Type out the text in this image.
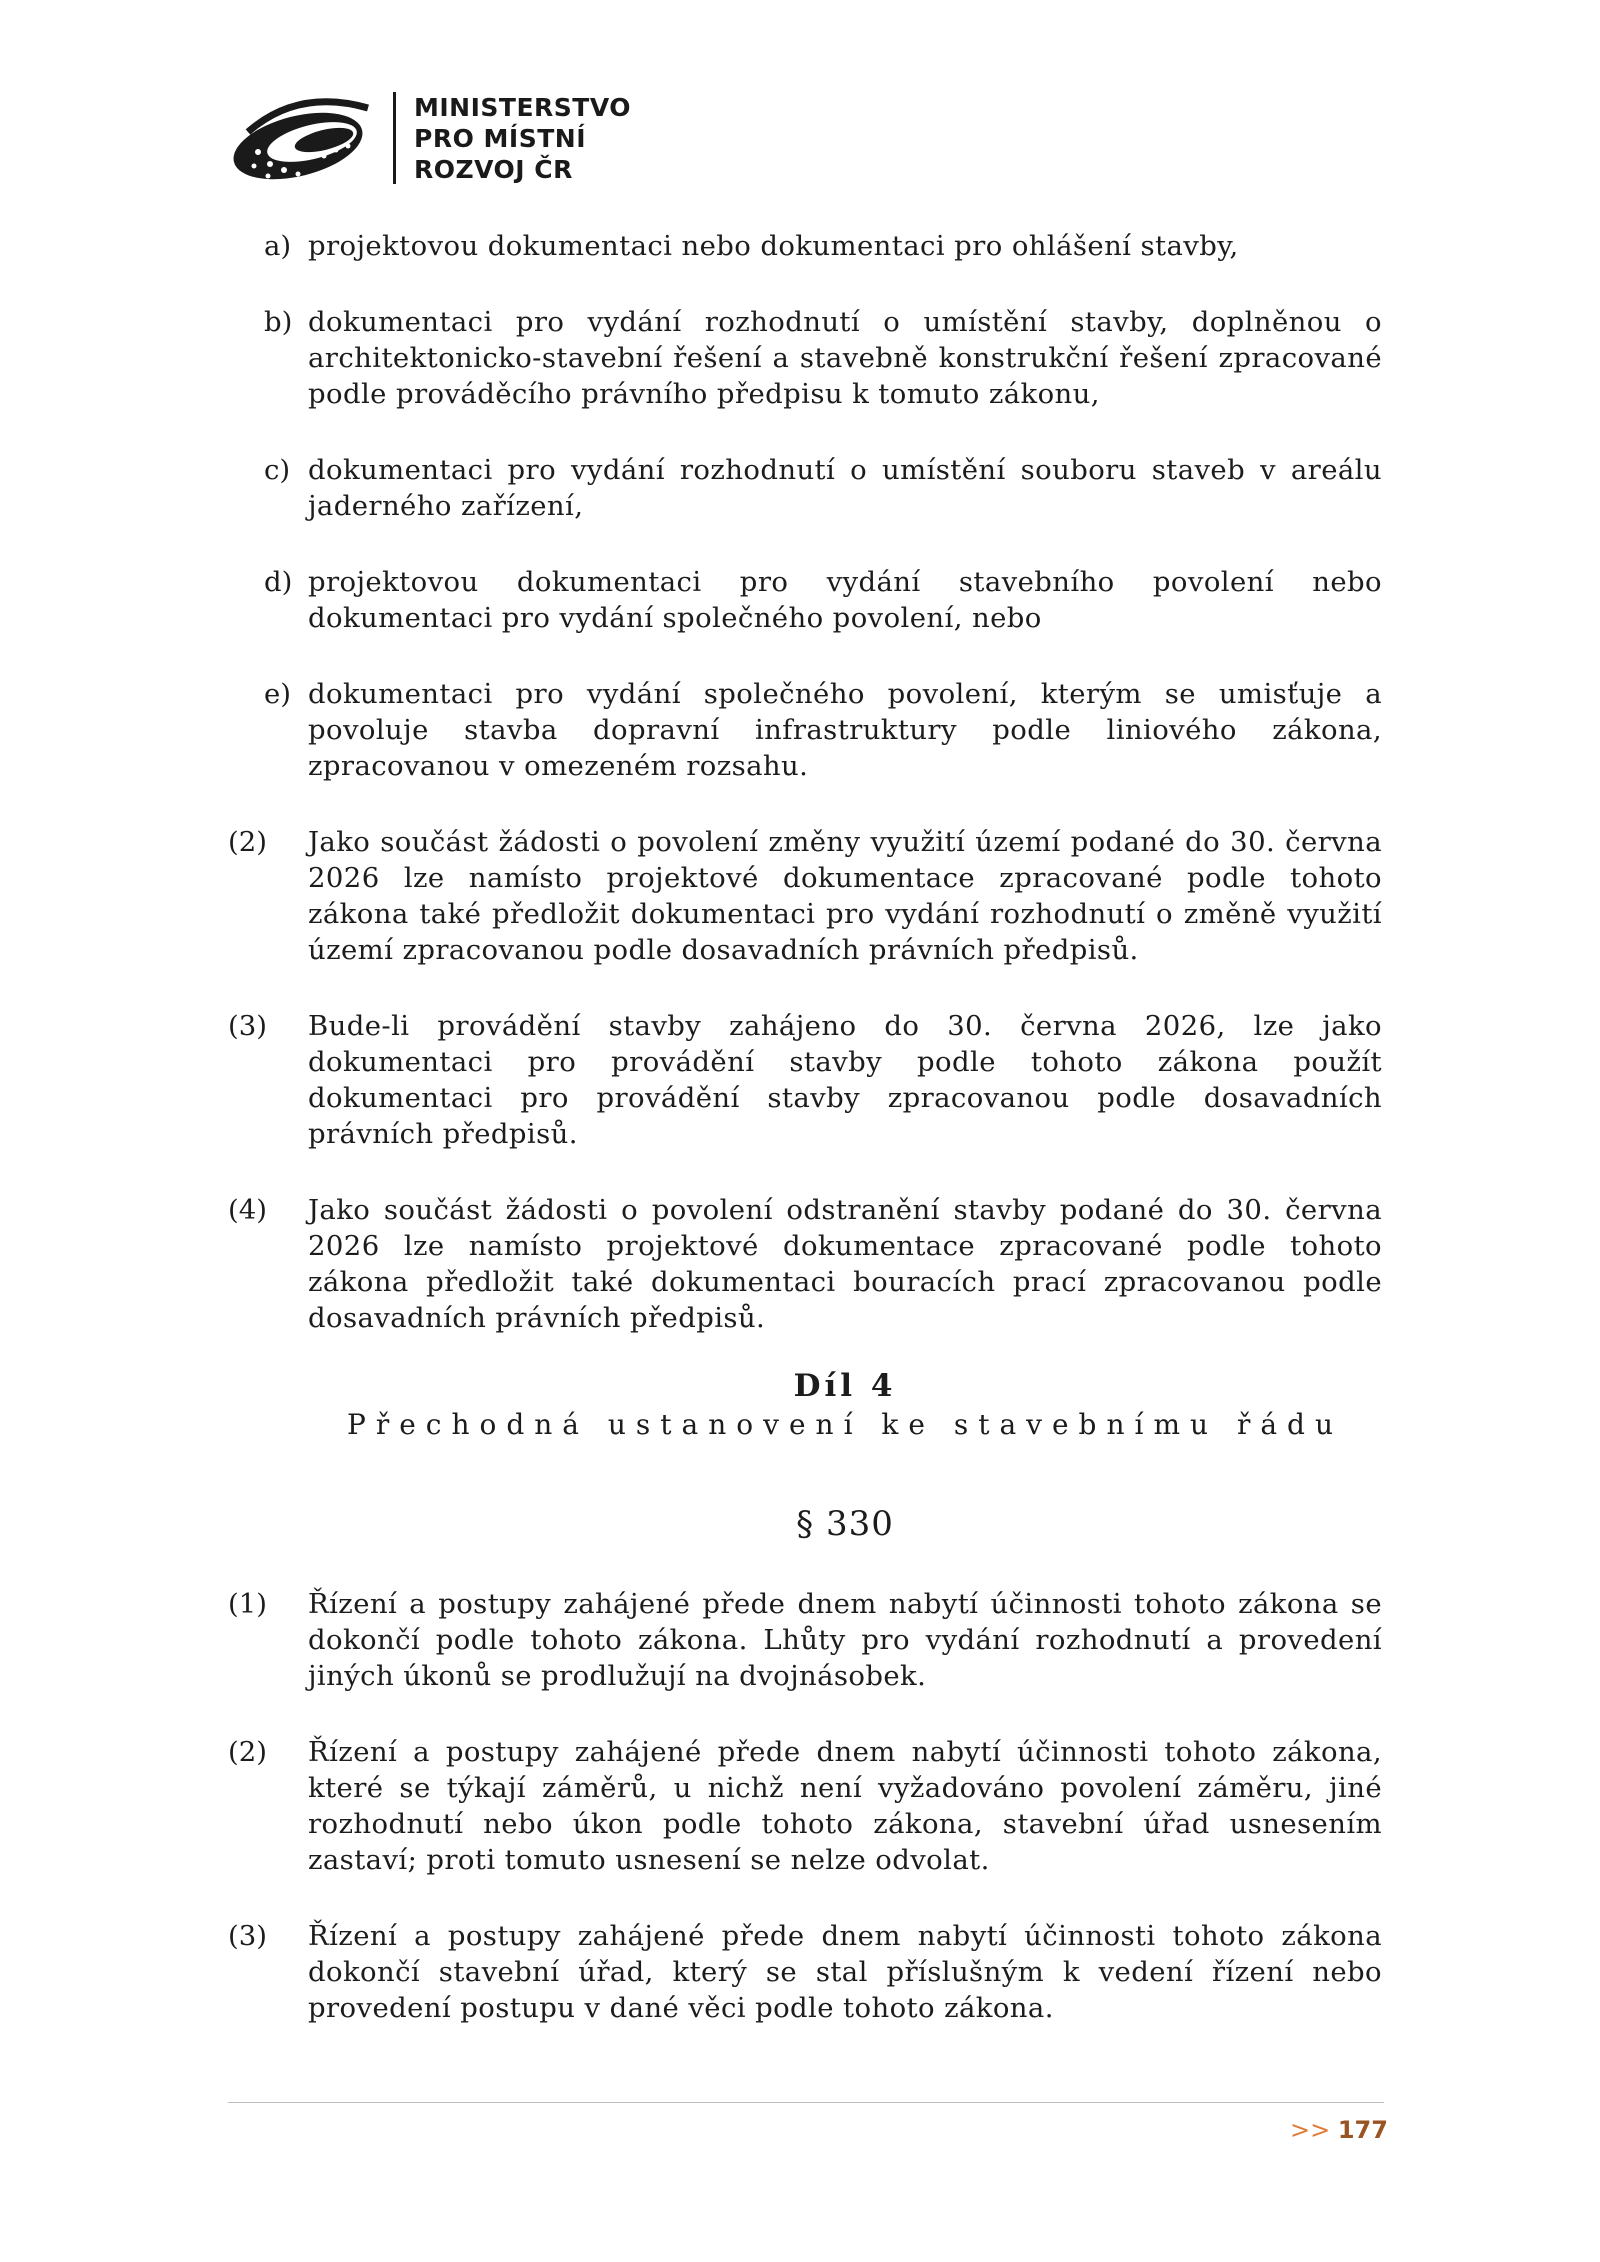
MINISTERSTVO
PRO MÍSTNÍ
ROZVOJ ČR
a) projektovou dokumentaci nebo dokumentaci pro ohlášení stavby,

b) dokumentaci pro vydání rozhodnutí o umístění stavby, doplněnou o architektonicko-stavební řešení a stavebně konstrukční řešení zpracované podle prováděcího právního předpisu k tomuto zákonu,

c) dokumentaci pro vydání rozhodnutí o umístění souboru staveb v areálu jaderného zařízení,

d) projektovou dokumentaci pro vydání stavebního povolení nebo dokumentaci pro vydání společného povolení, nebo

e) dokumentaci pro vydání společného povolení, kterým se umisťuje a povoluje stavba dopravní infrastruktury podle liniového zákona, zpracovanou v omezeném rozsahu.

(2) Jako součást žádosti o povolení změny využití území podané do 30. června 2026 lze namísto projektové dokumentace zpracované podle tohoto zákona také předložit dokumentaci pro vydání rozhodnutí o změně využití území zpracovanou podle dosavadních právních předpisů.

(3) Bude-li provádění stavby zahájeno do 30. června 2026, lze jako dokumentaci pro provádění stavby podle tohoto zákona použít dokumentaci pro provádění stavby zpracovanou podle dosavadních právních předpisů.

(4) Jako součást žádosti o povolení odstranění stavby podané do 30. června 2026 lze namísto projektové dokumentace zpracované podle tohoto zákona předložit také dokumentaci bouracích prací zpracovanou podle dosavadních právních předpisů.

Díl 4
Přechodná ustanovení ke stavebnímu řádu
§ 330
(1) Řízení a postupy zahájené přede dnem nabytí účinnosti tohoto zákona se dokončí podle tohoto zákona. Lhůty pro vydání rozhodnutí a provedení jiných úkonů se prodlužují na dvojnásobek.

(2) Řízení a postupy zahájené přede dnem nabytí účinnosti tohoto zákona, které se týkají záměrů, u nichž není vyžadováno povolení záměru, jiné rozhodnutí nebo úkon podle tohoto zákona, stavební úřad usnesením zastaví; proti tomuto usnesení se nelze odvolat.

(3) Řízení a postupy zahájené přede dnem nabytí účinnosti tohoto zákona dokončí stavební úřad, který se stal příslušným k vedení řízení nebo provedení postupu v dané věci podle tohoto zákona.

>> 177
